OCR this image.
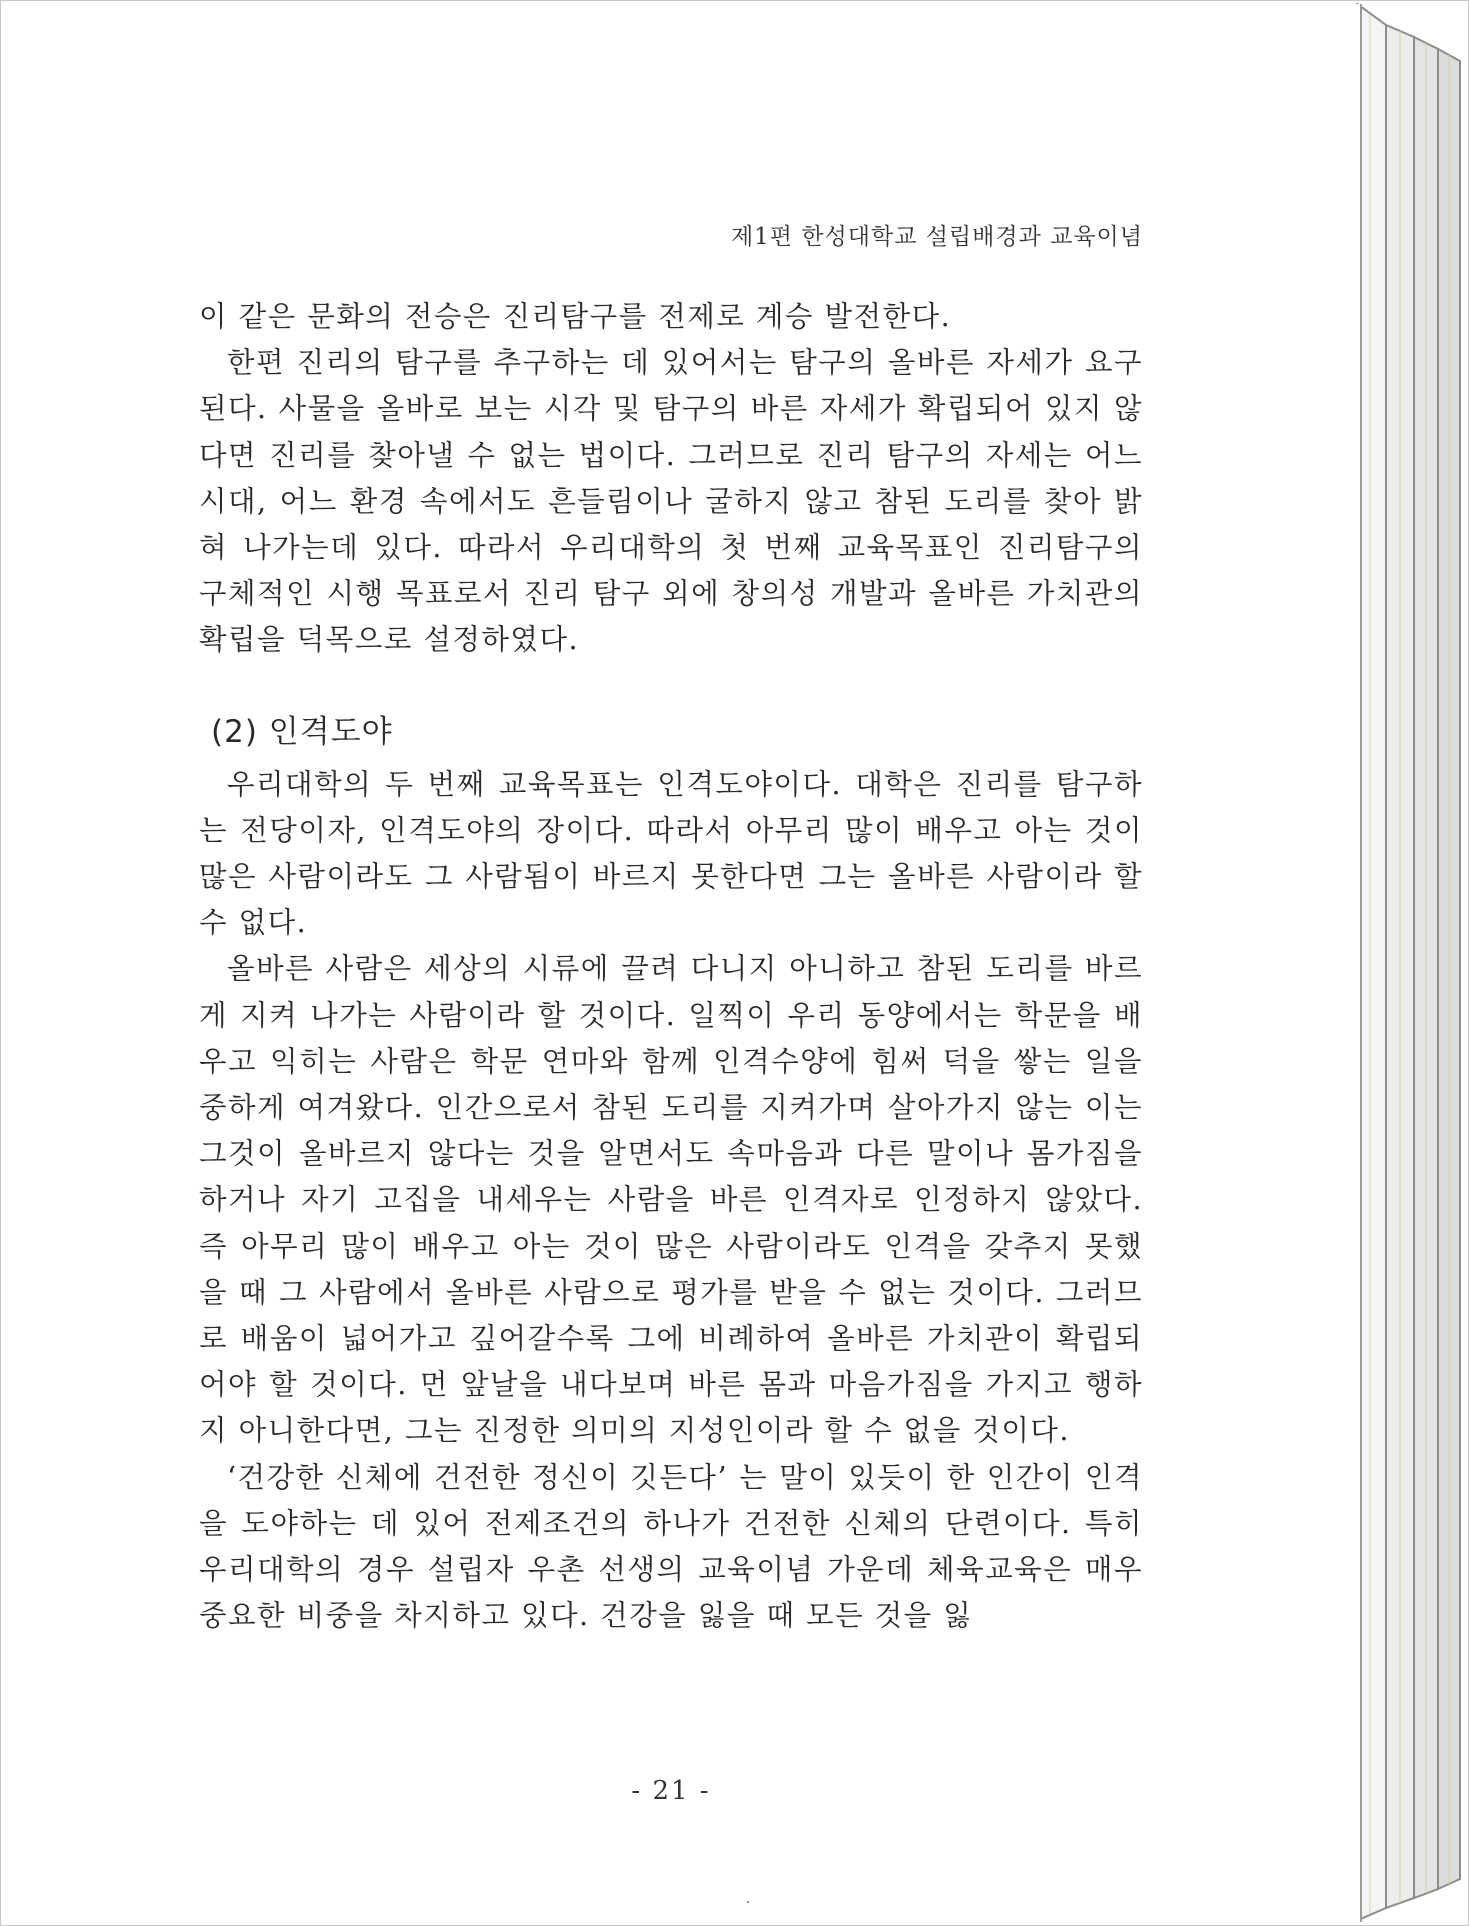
제1편 한성대학교 설립배경과 교육이념

이 같은 문화의 전승은 진리탐구를 전제로 계승 발전한다.

한편 진리의 탐구를 추구하는 데 있어서는 탐구의 올바른 자세가 요구된다. 사물을 올바로 보는 시각 및 탐구의 바른 자세가 확립되어 있지 않다면 진리를 찾아낼 수 없는 법이다. 그러므로 진리 탐구의 자세는 어느 시대, 어느 환경 속에서도 흔들림이나 굴하지 않고 참된 도리를 찾아 밝혀 나가는데 있다. 따라서 우리대학의 첫 번째 교육목표인 진리탐구의 구체적인 시행 목표로서 진리 탐구 외에 창의성 개발과 올바른 가치관의 확립을 덕목으로 설정하였다.

(2) 인격도야

우리대학의 두 번째 교육목표는 인격도야이다. 대학은 진리를 탐구하는 전당이자, 인격도야의 장이다. 따라서 아무리 많이 배우고 아는 것이 많은 사람이라도 그 사람됨이 바르지 못한다면 그는 올바른 사람이라 할 수 없다.

올바른 사람은 세상의 시류에 끌려 다니지 아니하고 참된 도리를 바르게 지켜 나가는 사람이라 할 것이다. 일찍이 우리 동양에서는 학문을 배우고 익히는 사람은 학문 연마와 함께 인격수양에 힘써 덕을 쌓는 일을 중하게 여겨왔다. 인간으로서 참된 도리를 지켜가며 살아가지 않는 이는 그것이 올바르지 않다는 것을 알면서도 속마음과 다른 말이나 몸가짐을 하거나 자기 고집을 내세우는 사람을 바른 인격자로 인정하지 않았다. 즉 아무리 많이 배우고 아는 것이 많은 사람이라도 인격을 갖추지 못했을 때 그 사람에서 올바른 사람으로 평가를 받을 수 없는 것이다. 그러므로 배움이 넓어가고 깊어갈수록 그에 비례하여 올바른 가치관이 확립되어야 할 것이다. 먼 앞날을 내다보며 바른 몸과 마음가짐을 가지고 행하지 아니한다면, 그는 진정한 의미의 지성인이라 할 수 없을 것이다.

‘건강한 신체에 건전한 정신이 깃든다’ 는 말이 있듯이 한 인간이 인격을 도야하는 데 있어 전제조건의 하나가 건전한 신체의 단련이다. 특히 우리대학의 경우 설립자 우촌 선생의 교육이념 가운데 체육교육은 매우 중요한 비중을 차지하고 있다. 건강을 잃을 때 모든 것을 잃

- 21 -
